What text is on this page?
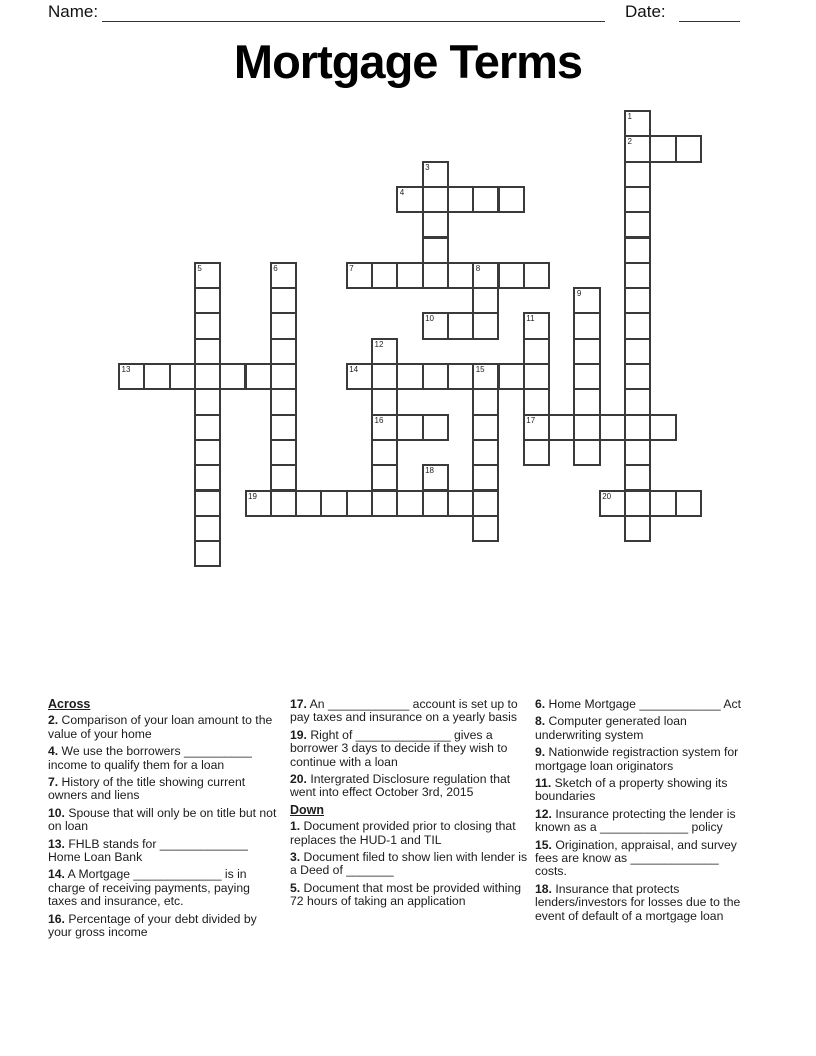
Name:	Date:
Mortgage Terms
1
2
3
4
5	6	7	8
9
10	11
17
12
16
13	14	15
18
19	20
Across
2. Comparison of your loan amount to the value of your home
4. We use the borrowers __________ income to qualify them for a loan
7. History of the title showing current owners and liens
10. Spouse that will only be on title but not on loan
13. FHLB stands for _____________ Home Loan Bank
14. A Mortgage _____________ is in charge of receiving payments, paying taxes and insurance, etc.
16. Percentage of your debt divided by your gross income
17. An ____________ account is set up to pay taxes and insurance on a yearly basis
19. Right of ______________ gives a borrower 3 days to decide if they wish to continue with a loan
20. Intergrated Disclosure regulation that went into effect October 3rd, 2015
Down
1. Document provided prior to closing that replaces the HUD-1 and TIL
3. Document filed to show lien with lender is a Deed of _______
5. Document that most be provided withing 72 hours of taking an application
6. Home Mortgage ____________ Act
8. Computer generated loan underwriting system
9. Nationwide registraction system for mortgage loan originators
11. Sketch of a property showing its boundaries
12. Insurance protecting the lender is known as a _____________ policy
15. Origination, appraisal, and survey fees are know as _____________ costs.
18. Insurance that protects lenders/investors for losses due to the event of default of a mortgage loan
